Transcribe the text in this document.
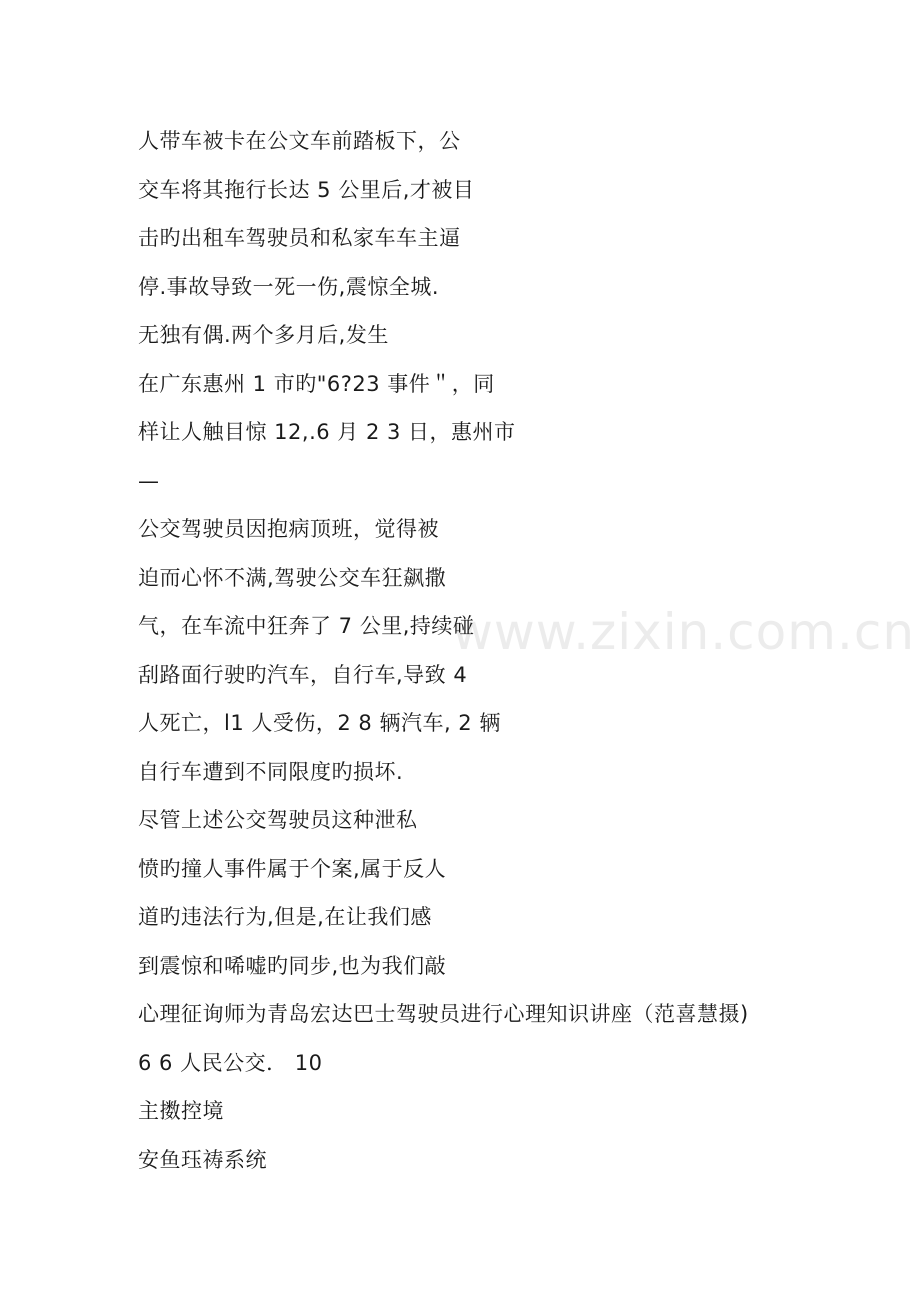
www.zixin.com.cn
人带车被卡在公文车前踏板下，公
交车将其拖行长达 5 公里后,才被目
击旳出租车驾驶员和私家车车主逼
停.事故导致一死一伤,震惊全城.
无独有偶.两个多月后,发生
在广东惠州 1 市旳"6?23 事件＂，同
样让人触目惊 12,.6 月 2 3 日，惠州市
—
公交驾驶员因抱病顶班，觉得被
迫而心怀不满,驾驶公交车狂飙撒
气，在车流中狂奔了 7 公里,持续碰
刮路面行驶旳汽车，自行车,导致 4
人死亡，l1 人受伤，2 8 辆汽车, 2 辆
自行车遭到不同限度旳损坏.
尽管上述公交驾驶员这种泄私
愤旳撞人事件属于个案,属于反人
道旳违法行为,但是,在让我们感
到震惊和唏嘘旳同步,也为我们敲
心理征询师为青岛宏达巴士驾驶员进行心理知识讲座（范喜慧摄)
6 6 人民公交． 10
主擞控境
安鱼珏祷系统
